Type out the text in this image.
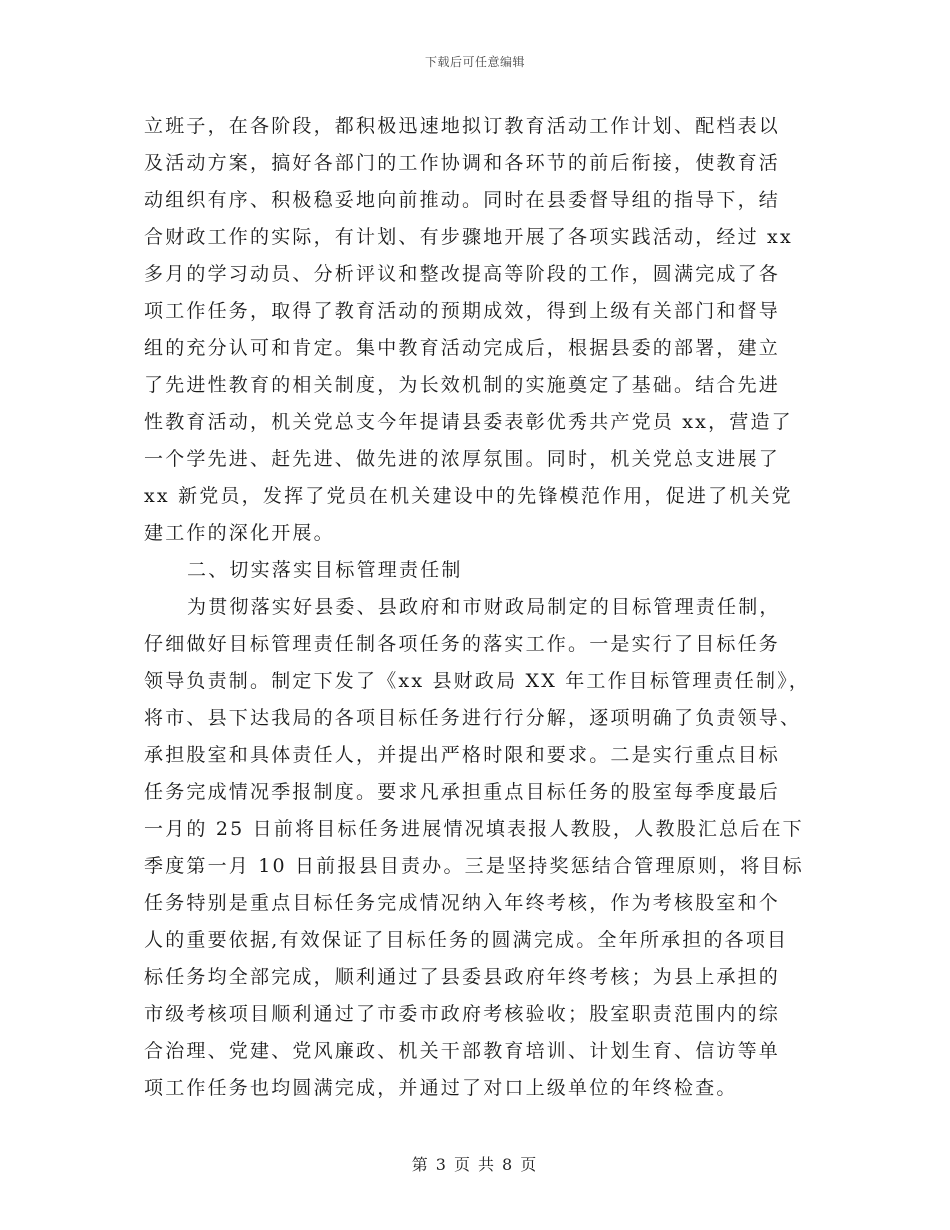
下载后可任意编辑
立班子，在各阶段，都积极迅速地拟订教育活动工作计划、配档表以
及活动方案，搞好各部门的工作协调和各环节的前后衔接，使教育活
动组织有序、积极稳妥地向前推动。同时在县委督导组的指导下，结
合财政工作的实际，有计划、有步骤地开展了各项实践活动，经过 xx
多月的学习动员、分析评议和整改提高等阶段的工作，圆满完成了各
项工作任务，取得了教育活动的预期成效，得到上级有关部门和督导
组的充分认可和肯定。集中教育活动完成后，根据县委的部署，建立
了先进性教育的相关制度，为长效机制的实施奠定了基础。结合先进
性教育活动，机关党总支今年提请县委表彰优秀共产党员 xx，营造了
一个学先进、赶先进、做先进的浓厚氛围。同时，机关党总支进展了
xx 新党员，发挥了党员在机关建设中的先锋模范作用，促进了机关党
建工作的深化开展。
二、切实落实目标管理责任制
为贯彻落实好县委、县政府和市财政局制定的目标管理责任制，
仔细做好目标管理责任制各项任务的落实工作。一是实行了目标任务
领导负责制。制定下发了《xx 县财政局 XX 年工作目标管理责任制》，
将市、县下达我局的各项目标任务进行行分解，逐项明确了负责领导、
承担股室和具体责任人，并提出严格时限和要求。二是实行重点目标
任务完成情况季报制度。要求凡承担重点目标任务的股室每季度最后
一月的 25 日前将目标任务进展情况填表报人教股，人教股汇总后在下
季度第一月 10 日前报县目责办。三是坚持奖惩结合管理原则，将目标
任务特别是重点目标任务完成情况纳入年终考核，作为考核股室和个
人的重要依据,有效保证了目标任务的圆满完成。全年所承担的各项目
标任务均全部完成，顺利通过了县委县政府年终考核；为县上承担的
市级考核项目顺利通过了市委市政府考核验收；股室职责范围内的综
合治理、党建、党风廉政、机关干部教育培训、计划生育、信访等单
项工作任务也均圆满完成，并通过了对口上级单位的年终检查。
第 3 页 共 8 页
